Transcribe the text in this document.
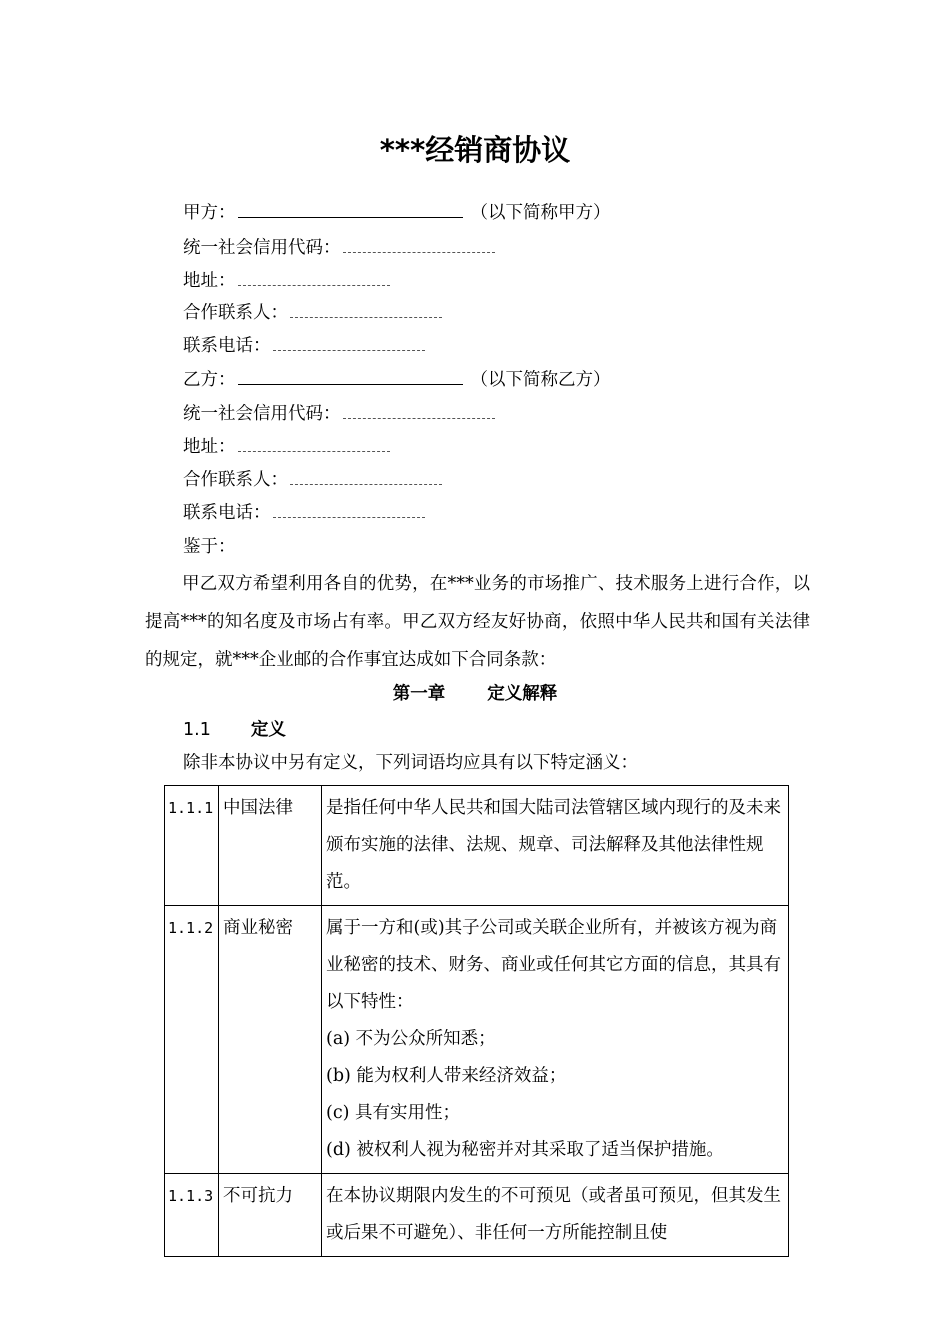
***经销商协议
甲方：	（以下简称甲方）
统一社会信用代码：
地址：
合作联系人：
联系电话：
乙方：	（以下简称乙方）
统一社会信用代码：
地址：
合作联系人：
联系电话：
鉴于：
甲乙双方希望利用各自的优势，在***业务的市场推广、技术服务上进行合作，以提高***的知名度及市场占有率。甲乙双方经友好协商，依照中华人民共和国有关法律的规定，就***企业邮的合作事宜达成如下合同条款：
第一章 定义解释
1.1 定义
除非本协议中另有定义，下列词语均应具有以下特定涵义：
1.1.1	中国法律	是指任何中华人民共和国大陆司法管辖区域内现行的及未来颁布实施的法律、法规、规章、司法解释及其他法律性规范。
1.1.2	商业秘密	属于一方和(或)其子公司或关联企业所有，并被该方视为商业秘密的技术、财务、商业或任何其它方面的信息，其具有以下特性：
(a) 不为公众所知悉；
(b) 能为权利人带来经济效益；
(c) 具有实用性；
(d) 被权利人视为秘密并对其采取了适当保护措施。

1.1.3	不可抗力	在本协议期限内发生的不可预见（或者虽可预见，但其发生或后果不可避免）、非任何一方所能控制且使
